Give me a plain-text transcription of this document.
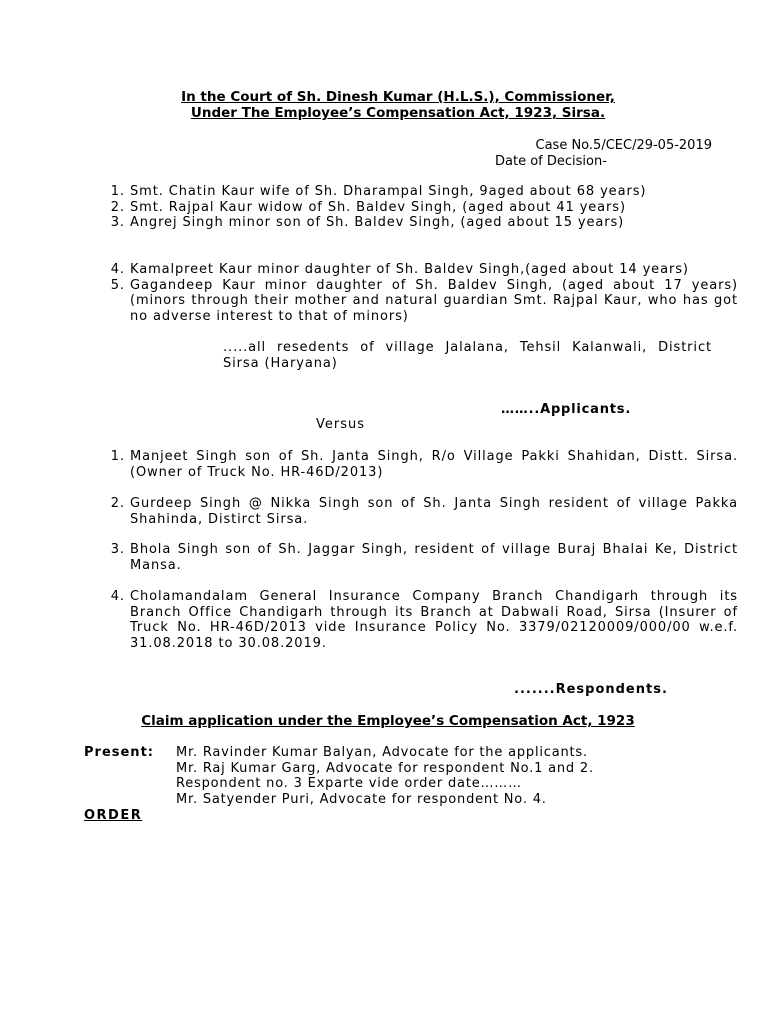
In the Court of Sh. Dinesh Kumar (H.L.S.), Commissioner,
Under The Employee’s Compensation Act, 1923, Sirsa.
Case No.5/CEC/29-05-2019
Date of Decision-
1. Smt. Chatin Kaur wife of Sh. Dharampal Singh, 9aged about 68 years)
2. Smt. Rajpal Kaur widow of Sh. Baldev Singh, (aged about 41 years)
3. Angrej Singh minor son of Sh. Baldev Singh, (aged about 15 years)
4. Kamalpreet Kaur minor daughter of Sh. Baldev Singh,(aged about 14 years)
5. Gagandeep Kaur minor daughter of Sh. Baldev Singh, (aged about 17 years)(minors through their mother and natural guardian Smt. Rajpal Kaur, who has got no adverse interest to that of minors)
.....all resedents of village Jalalana, Tehsil Kalanwali, District Sirsa (Haryana)
……..Applicants.
Versus
1. Manjeet Singh son of Sh. Janta Singh, R/o Village Pakki Shahidan, Distt. Sirsa. (Owner of Truck No. HR-46D/2013)
2. Gurdeep Singh @ Nikka Singh son of Sh. Janta Singh resident of village Pakka Shahinda, Distirct Sirsa.
3. Bhola Singh son of Sh. Jaggar Singh, resident of village Buraj Bhalai Ke, District Mansa.
4. Cholamandalam General Insurance Company Branch Chandigarh through its Branch Office Chandigarh through its Branch at Dabwali Road, Sirsa (Insurer of Truck No. HR-46D/2013 vide Insurance Policy No. 3379/02120009/000/00 w.e.f. 31.08.2018 to 30.08.2019.
.......Respondents.
Claim application under the Employee’s Compensation Act, 1923
Present: Mr. Ravinder Kumar Balyan, Advocate for the applicants.
Mr. Raj Kumar Garg, Advocate for respondent No.1 and 2.
Respondent no. 3 Exparte vide order date………
Mr. Satyender Puri, Advocate for respondent No. 4.
ORDER
